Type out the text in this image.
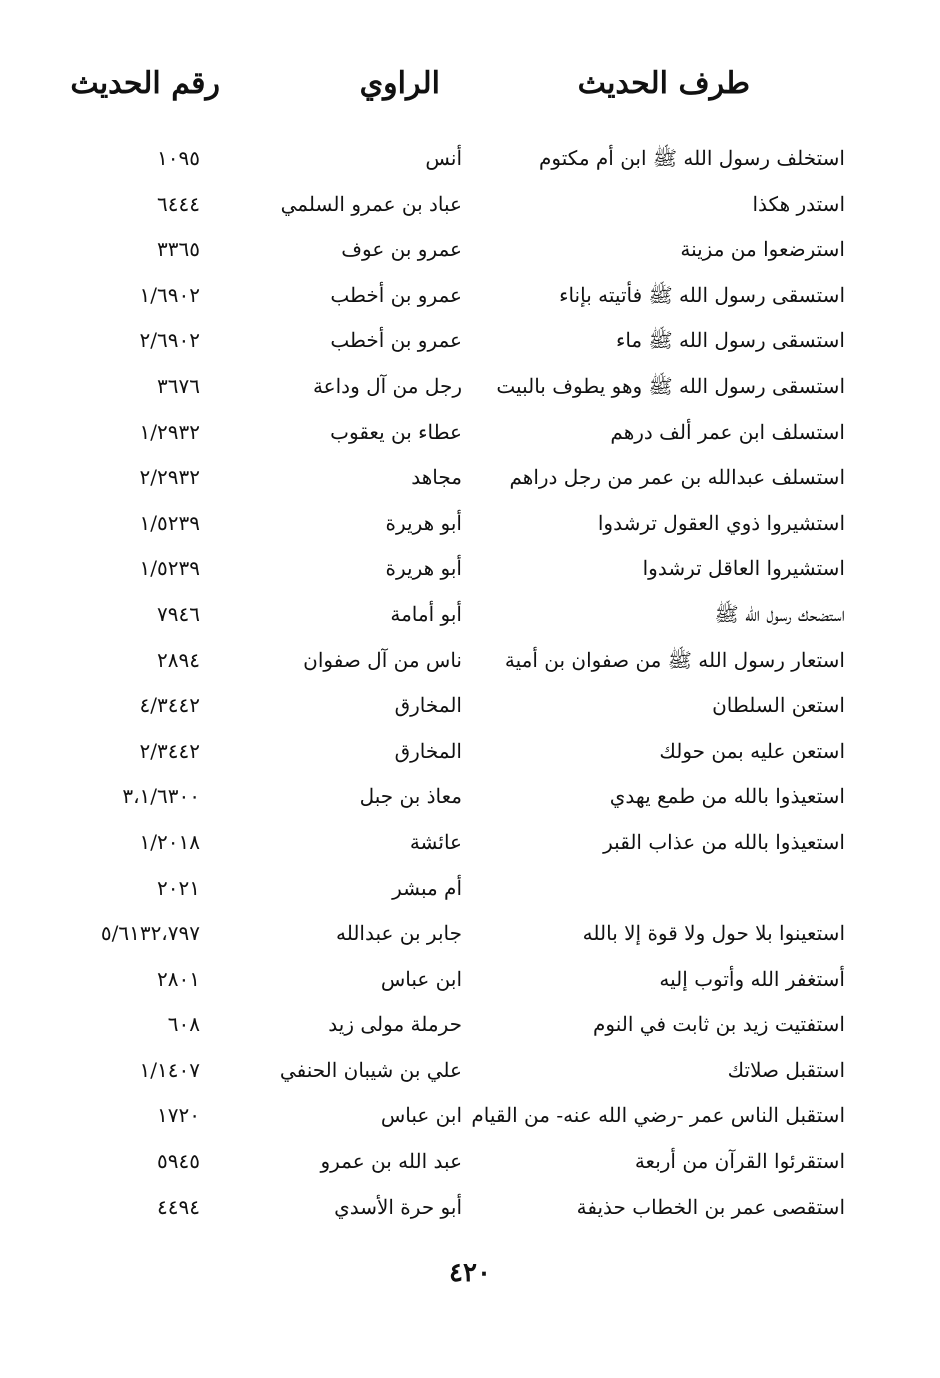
طرف الحديث
الراوي
رقم الحديث
استخلف رسول الله ﷺ ابن أم مكتوم
أنس
١٠٩٥
استدر هكذا
عباد بن عمرو السلمي
٦٤٤٤
استرضعوا من مزينة
عمرو بن عوف
٣٣٦٥
استسقى رسول الله ﷺ فأتيته بإناء
عمرو بن أخطب
١/٦٩٠٢
استسقى رسول الله ﷺ ماء
عمرو بن أخطب
٢/٦٩٠٢
استسقى رسول الله ﷺ وهو يطوف بالبيت
رجل من آل وداعة
٣٦٧٦
استسلف ابن عمر ألف درهم
عطاء بن يعقوب
١/٢٩٣٢
استسلف عبدالله بن عمر من رجل دراهم
مجاهد
٢/٢٩٣٢
استشيروا ذوي العقول ترشدوا
أبو هريرة
١/٥٢٣٩
استشيروا العاقل ترشدوا
أبو هريرة
١/٥٢٣٩
استضحك رسول الله ﷺ
أبو أمامة
٧٩٤٦
استعار رسول الله ﷺ من صفوان بن أمية
ناس من آل صفوان
٢٨٩٤
استعن السلطان
المخارق
٤/٣٤٤٢
استعن عليه بمن حولك
المخارق
٢/٣٤٤٢
استعيذوا بالله من طمع يهدي
معاذ بن جبل
٣،١/٦٣٠٠
استعيذوا بالله من عذاب القبر
عائشة
١/٢٠١٨
أم مبشر
٢٠٢١
استعينوا بلا حول ولا قوة إلا بالله
جابر بن عبدالله
٥/٦١٣٢،٧٩٧
أستغفر الله وأتوب إليه
ابن عباس
٢٨٠١
استفتيت زيد بن ثابت في النوم
حرملة مولى زيد
٦٠٨
استقبل صلاتك
علي بن شيبان الحنفي
١/١٤٠٧
استقبل الناس عمر -رضي الله عنه- من القيام
ابن عباس
١٧٢٠
استقرئوا القرآن من أربعة
عبد الله بن عمرو
٥٩٤٥
استقصى عمر بن الخطاب حذيفة
أبو حرة الأسدي
٤٤٩٤
٤٢٠
